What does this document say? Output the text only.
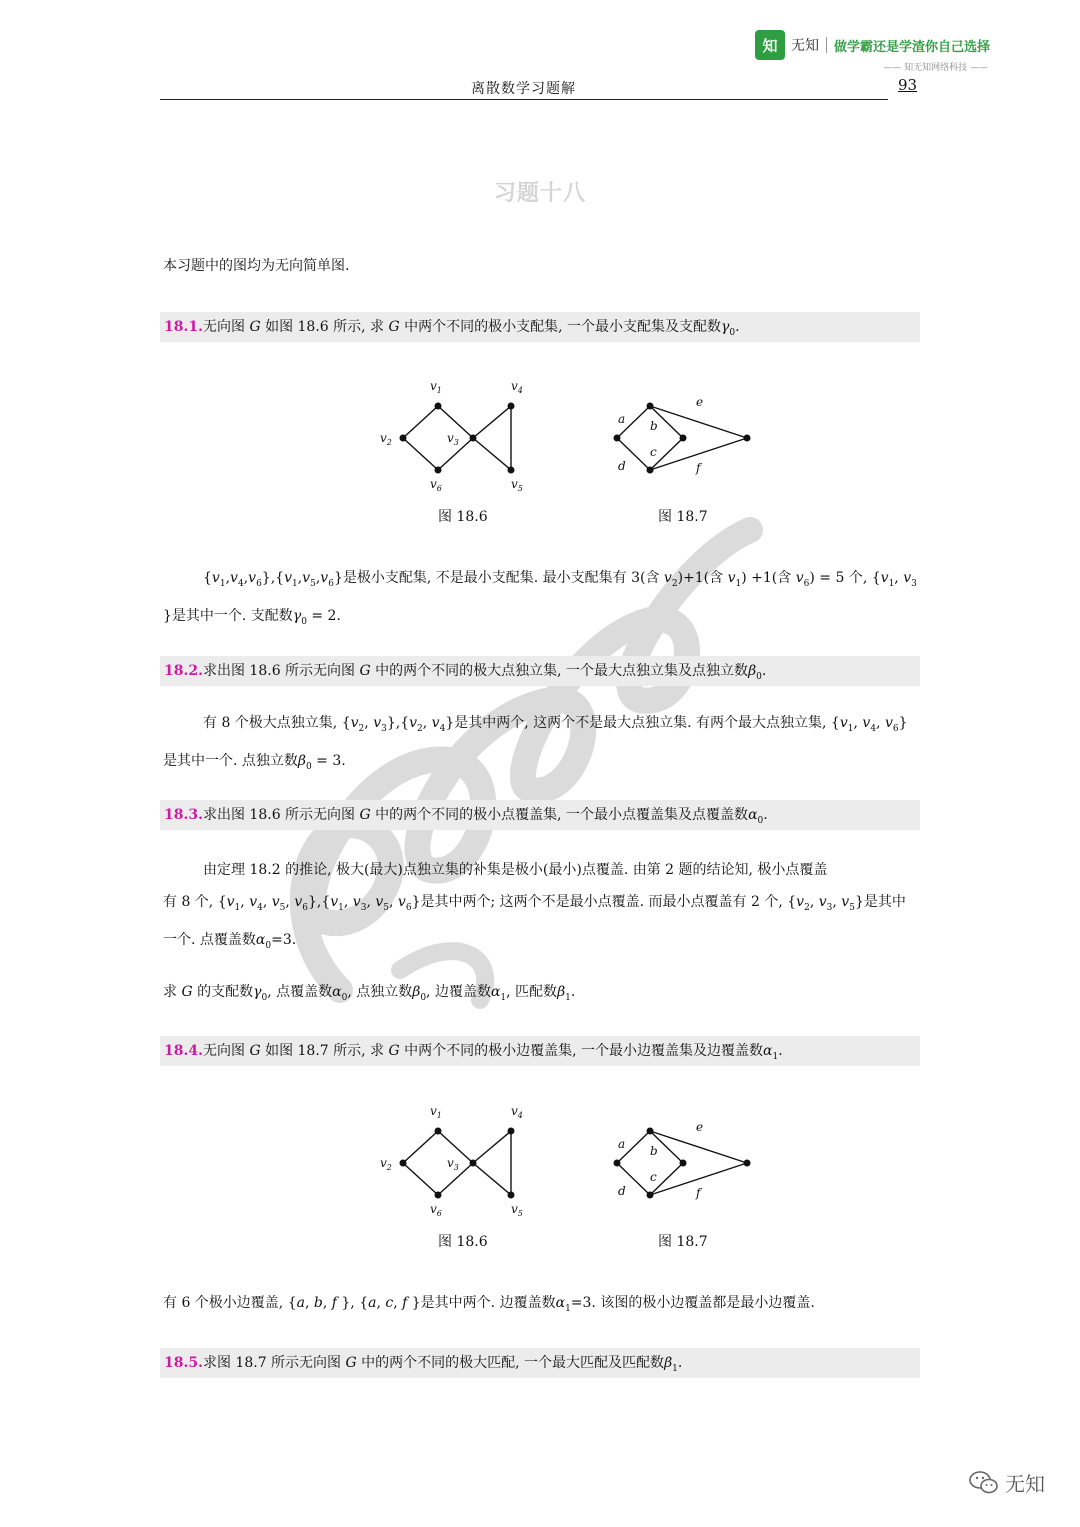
知 无知 做学霸还是学渣你自己选择
—— 知无知网络科技 ——
离散数学习题解	93
习题十八
本习题中的图均为无向简单图.
18.1.无向图 G 如图 18.6 所示, 求 G 中两个不同的极小支配集, 一个最小支配集及支配数$\gamma_0$.
$v_1$
$v_2$	$v_3$
$v_4$
$v_5$
$v_6$
a b
c
d
e
f
图 18.6	图 18.7
$\{v_1,v_4,v_6\},\{v_1,v_5,v_6\}$是极小支配集, 不是最小支配集. 最小支配集有 3(含 $v_2)+1$(含 $v_1) +1$(含 $v_6) = 5$ 个, {$v_1$, $v_3$ }是其中一个. 支配数$\gamma_0 = 2$.
18.2.求出图 18.6 所示无向图 G 中的两个不同的极大点独立集, 一个最大点独立集及点独立数$\beta_0$.
有 8 个极大点独立集, {$v_2$, $v_3\},\{v_2$, $v_4$}是其中两个, 这两个不是最大点独立集. 有两个最大点独立集, {$v_1$, $v_4$, $v_6$}是其中一个. 点独立数$\beta_0 = 3$.
18.3.求出图 18.6 所示无向图 G 中的两个不同的极小点覆盖集, 一个最小点覆盖集及点覆盖数$\alpha_0$.
由定理 18.2 的推论, 极大(最大)点独立集的补集是极小(最小)点覆盖. 由第 2 题的结论知, 极小点覆盖
有 8 个, {$v_1$, $v_4$, $v_5$, $v_6\},\{v_1$, $v_3$, $v_5$, $v_6$}是其中两个; 这两个不是最小点覆盖. 而最小点覆盖有 2 个, {$v_2$, $v_3$, $v_5$}是其中一个. 点覆盖数$\alpha_0=3$.
求 G 的支配数$\gamma_0$, 点覆盖数$\alpha_0$, 点独立数$\beta_0$, 边覆盖数$\alpha_1$, 匹配数$\beta_1$.
18.4.无向图 G 如图 18.7 所示, 求 G 中两个不同的极小边覆盖集, 一个最小边覆盖集及边覆盖数$\alpha_1$.
$v_1$
$v_2$	$v_3$
$v_4$
$v_5$
$v_6$
a b
c
d
e
f
图 18.6	图 18.7
有 6 个极小边覆盖, {a, b, f }, {a, c, f }是其中两个. 边覆盖数$\alpha_1=3$. 该图的极小边覆盖都是最小边覆盖.
18.5.求图 18.7 所示无向图 G 中的两个不同的极大匹配, 一个最大匹配及匹配数$\beta_1$.
无知
